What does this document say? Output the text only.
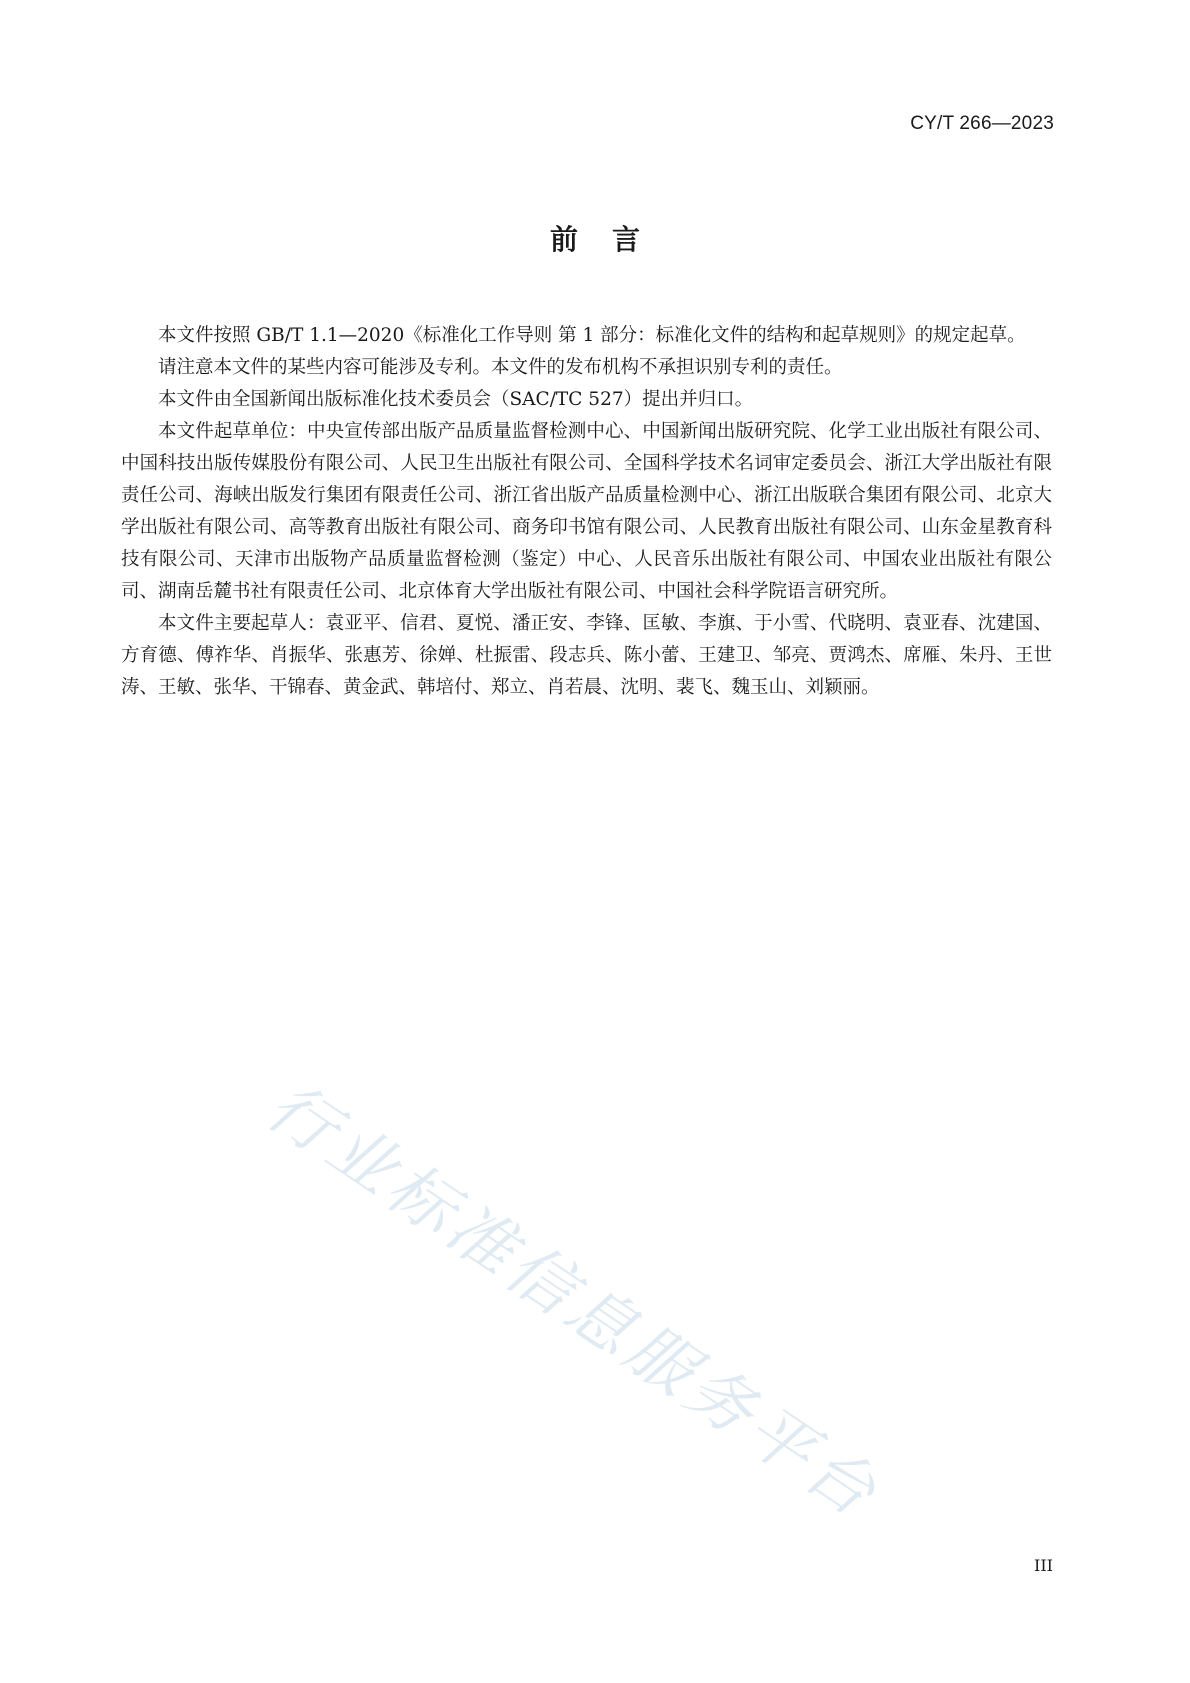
CY/T 266—2023
前言

本文件按照 GB/T 1.1—2020《标准化工作导则 第 1 部分：标准化文件的结构和起草规则》的规定起草。

请注意本文件的某些内容可能涉及专利。本文件的发布机构不承担识别专利的责任。

本文件由全国新闻出版标准化技术委员会（SAC/TC 527）提出并归口。

本文件起草单位：中央宣传部出版产品质量监督检测中心、中国新闻出版研究院、化学工业出版社有限公司、中国科技出版传媒股份有限公司、人民卫生出版社有限公司、全国科学技术名词审定委员会、浙江大学出版社有限责任公司、海峡出版发行集团有限责任公司、浙江省出版产品质量检测中心、浙江出版联合集团有限公司、北京大学出版社有限公司、高等教育出版社有限公司、商务印书馆有限公司、人民教育出版社有限公司、山东金星教育科技有限公司、天津市出版物产品质量监督检测（鉴定）中心、人民音乐出版社有限公司、中国农业出版社有限公司、湖南岳麓书社有限责任公司、北京体育大学出版社有限公司、中国社会科学院语言研究所。

本文件主要起草人：袁亚平、信君、夏悦、潘正安、李锋、匡敏、李旗、于小雪、代晓明、袁亚春、沈建国、方育德、傅祚华、肖振华、张惠芳、徐婵、杜振雷、段志兵、陈小蕾、王建卫、邹亮、贾鸿杰、席雁、朱丹、王世涛、王敏、张华、干锦春、黄金武、韩培付、郑立、肖若晨、沈明、裴飞、魏玉山、刘颖丽。

行业标准信息服务平台
III
